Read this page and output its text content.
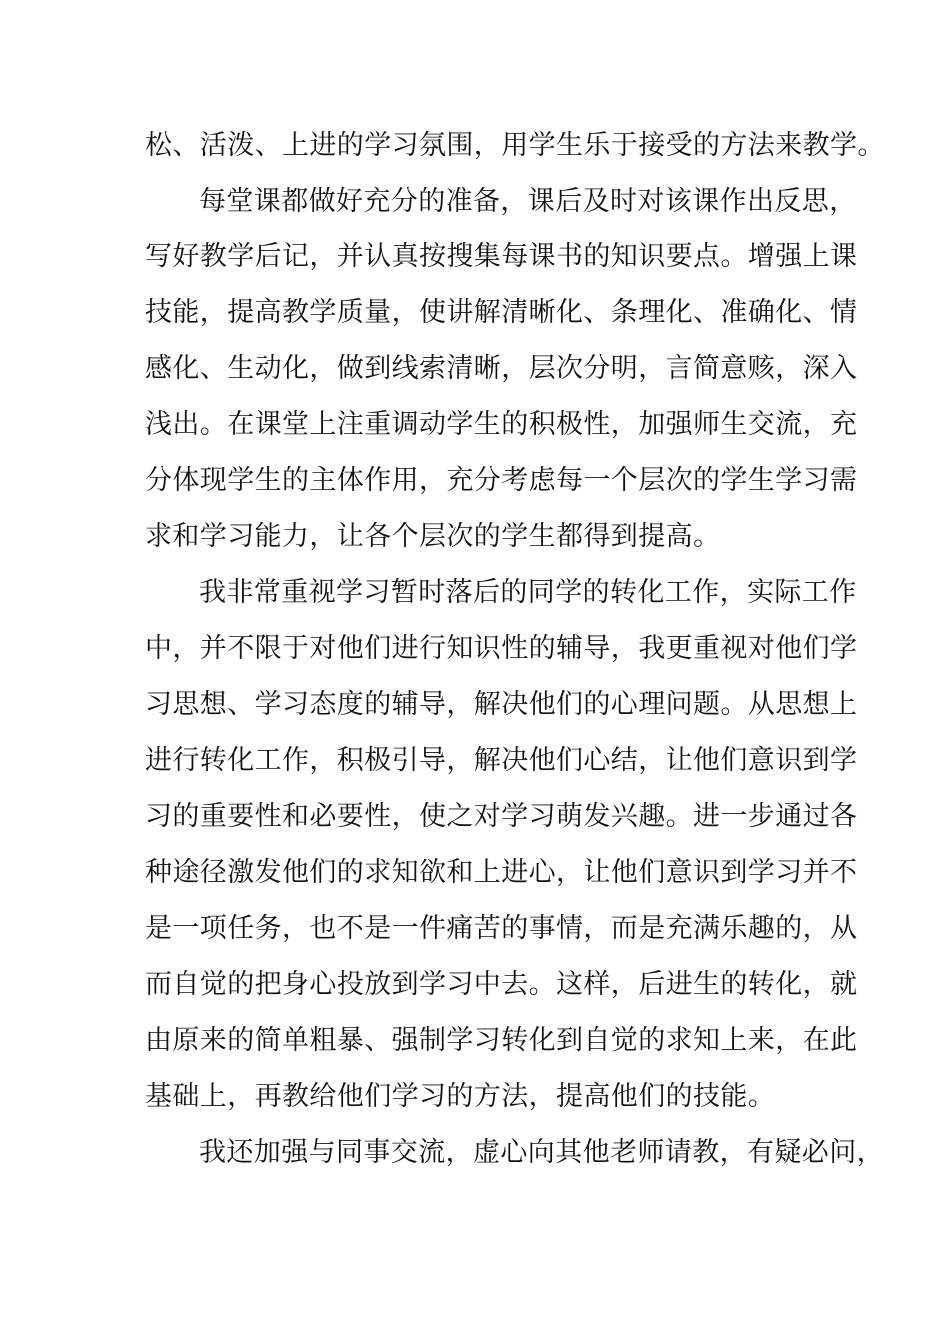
松、活泼、上进的学习氛围，用学生乐于接受的方法来教学。
每堂课都做好充分的准备，课后及时对该课作出反思，
写好教学后记，并认真按搜集每课书的知识要点。增强上课
技能，提高教学质量，使讲解清晰化、条理化、准确化、情
感化、生动化，做到线索清晰，层次分明，言简意赅，深入
浅出。在课堂上注重调动学生的积极性，加强师生交流，充
分体现学生的主体作用，充分考虑每一个层次的学生学习需
求和学习能力，让各个层次的学生都得到提高。
我非常重视学习暂时落后的同学的转化工作，实际工作
中，并不限于对他们进行知识性的辅导，我更重视对他们学
习思想、学习态度的辅导，解决他们的心理问题。从思想上
进行转化工作，积极引导，解决他们心结，让他们意识到学
习的重要性和必要性，使之对学习萌发兴趣。进一步通过各
种途径激发他们的求知欲和上进心，让他们意识到学习并不
是一项任务，也不是一件痛苦的事情，而是充满乐趣的，从
而自觉的把身心投放到学习中去。这样，后进生的转化，就
由原来的简单粗暴、强制学习转化到自觉的求知上来，在此
基础上，再教给他们学习的方法，提高他们的技能。
我还加强与同事交流，虚心向其他老师请教，有疑必问，
